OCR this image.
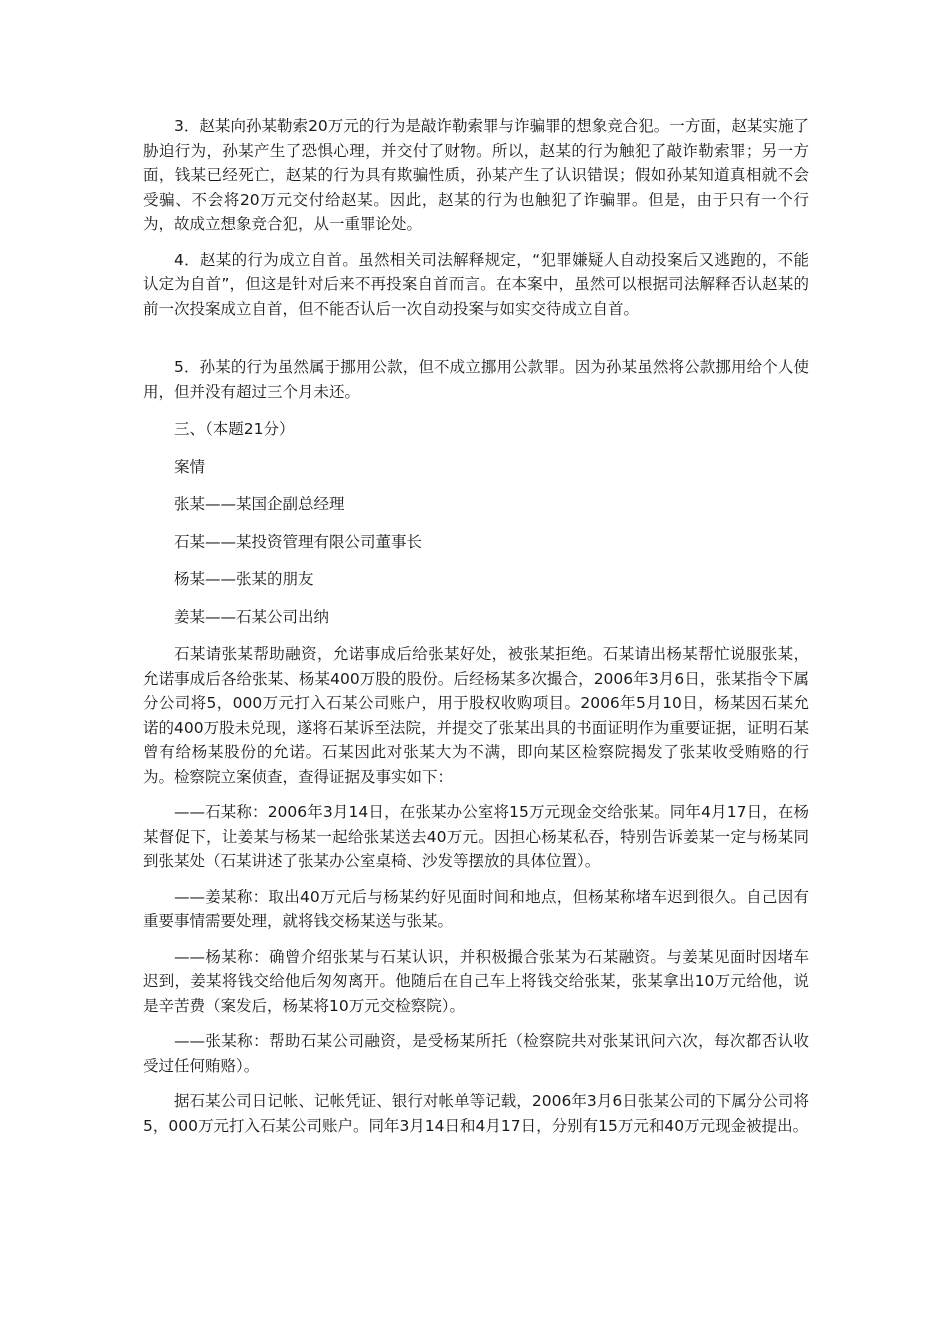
3．赵某向孙某勒索20万元的行为是敲诈勒索罪与诈骗罪的想象竞合犯。一方面，赵某实施了胁迫行为，孙某产生了恐惧心理，并交付了财物。所以，赵某的行为触犯了敲诈勒索罪；另一方面，钱某已经死亡，赵某的行为具有欺骗性质，孙某产生了认识错误；假如孙某知道真相就不会受骗、不会将20万元交付给赵某。因此，赵某的行为也触犯了诈骗罪。但是，由于只有一个行为，故成立想象竞合犯，从一重罪论处。

4．赵某的行为成立自首。虽然相关司法解释规定，“犯罪嫌疑人自动投案后又逃跑的，不能认定为自首”，但这是针对后来不再投案自首而言。在本案中，虽然可以根据司法解释否认赵某的前一次投案成立自首，但不能否认后一次自动投案与如实交待成立自首。

5．孙某的行为虽然属于挪用公款，但不成立挪用公款罪。因为孙某虽然将公款挪用给个人使用，但并没有超过三个月未还。

三、（本题21分）

案情

张某——某国企副总经理

石某——某投资管理有限公司董事长

杨某——张某的朋友

姜某——石某公司出纳

石某请张某帮助融资，允诺事成后给张某好处，被张某拒绝。石某请出杨某帮忙说服张某，允诺事成后各给张某、杨某400万股的股份。后经杨某多次撮合，2006年3月6日，张某指令下属分公司将5，000万元打入石某公司账户，用于股权收购项目。2006年5月10日，杨某因石某允诺的400万股未兑现，遂将石某诉至法院，并提交了张某出具的书面证明作为重要证据，证明石某曾有给杨某股份的允诺。石某因此对张某大为不满，即向某区检察院揭发了张某收受贿赂的行为。检察院立案侦查，查得证据及事实如下：

——石某称：2006年3月14日，在张某办公室将15万元现金交给张某。同年4月17日，在杨某督促下，让姜某与杨某一起给张某送去40万元。因担心杨某私吞，特别告诉姜某一定与杨某同到张某处（石某讲述了张某办公室桌椅、沙发等摆放的具体位置）。

——姜某称：取出40万元后与杨某约好见面时间和地点，但杨某称堵车迟到很久。自己因有重要事情需要处理，就将钱交杨某送与张某。

——杨某称：确曾介绍张某与石某认识，并积极撮合张某为石某融资。与姜某见面时因堵车迟到，姜某将钱交给他后匆匆离开。他随后在自己车上将钱交给张某，张某拿出10万元给他，说是辛苦费（案发后，杨某将10万元交检察院）。

——张某称：帮助石某公司融资，是受杨某所托（检察院共对张某讯问六次，每次都否认收受过任何贿赂）。

据石某公司日记帐、记帐凭证、银行对帐单等记载，2006年3月6日张某公司的下属分公司将5，000万元打入石某公司账户。同年3月14日和4月17日，分别有15万元和40万元现金被提出。
